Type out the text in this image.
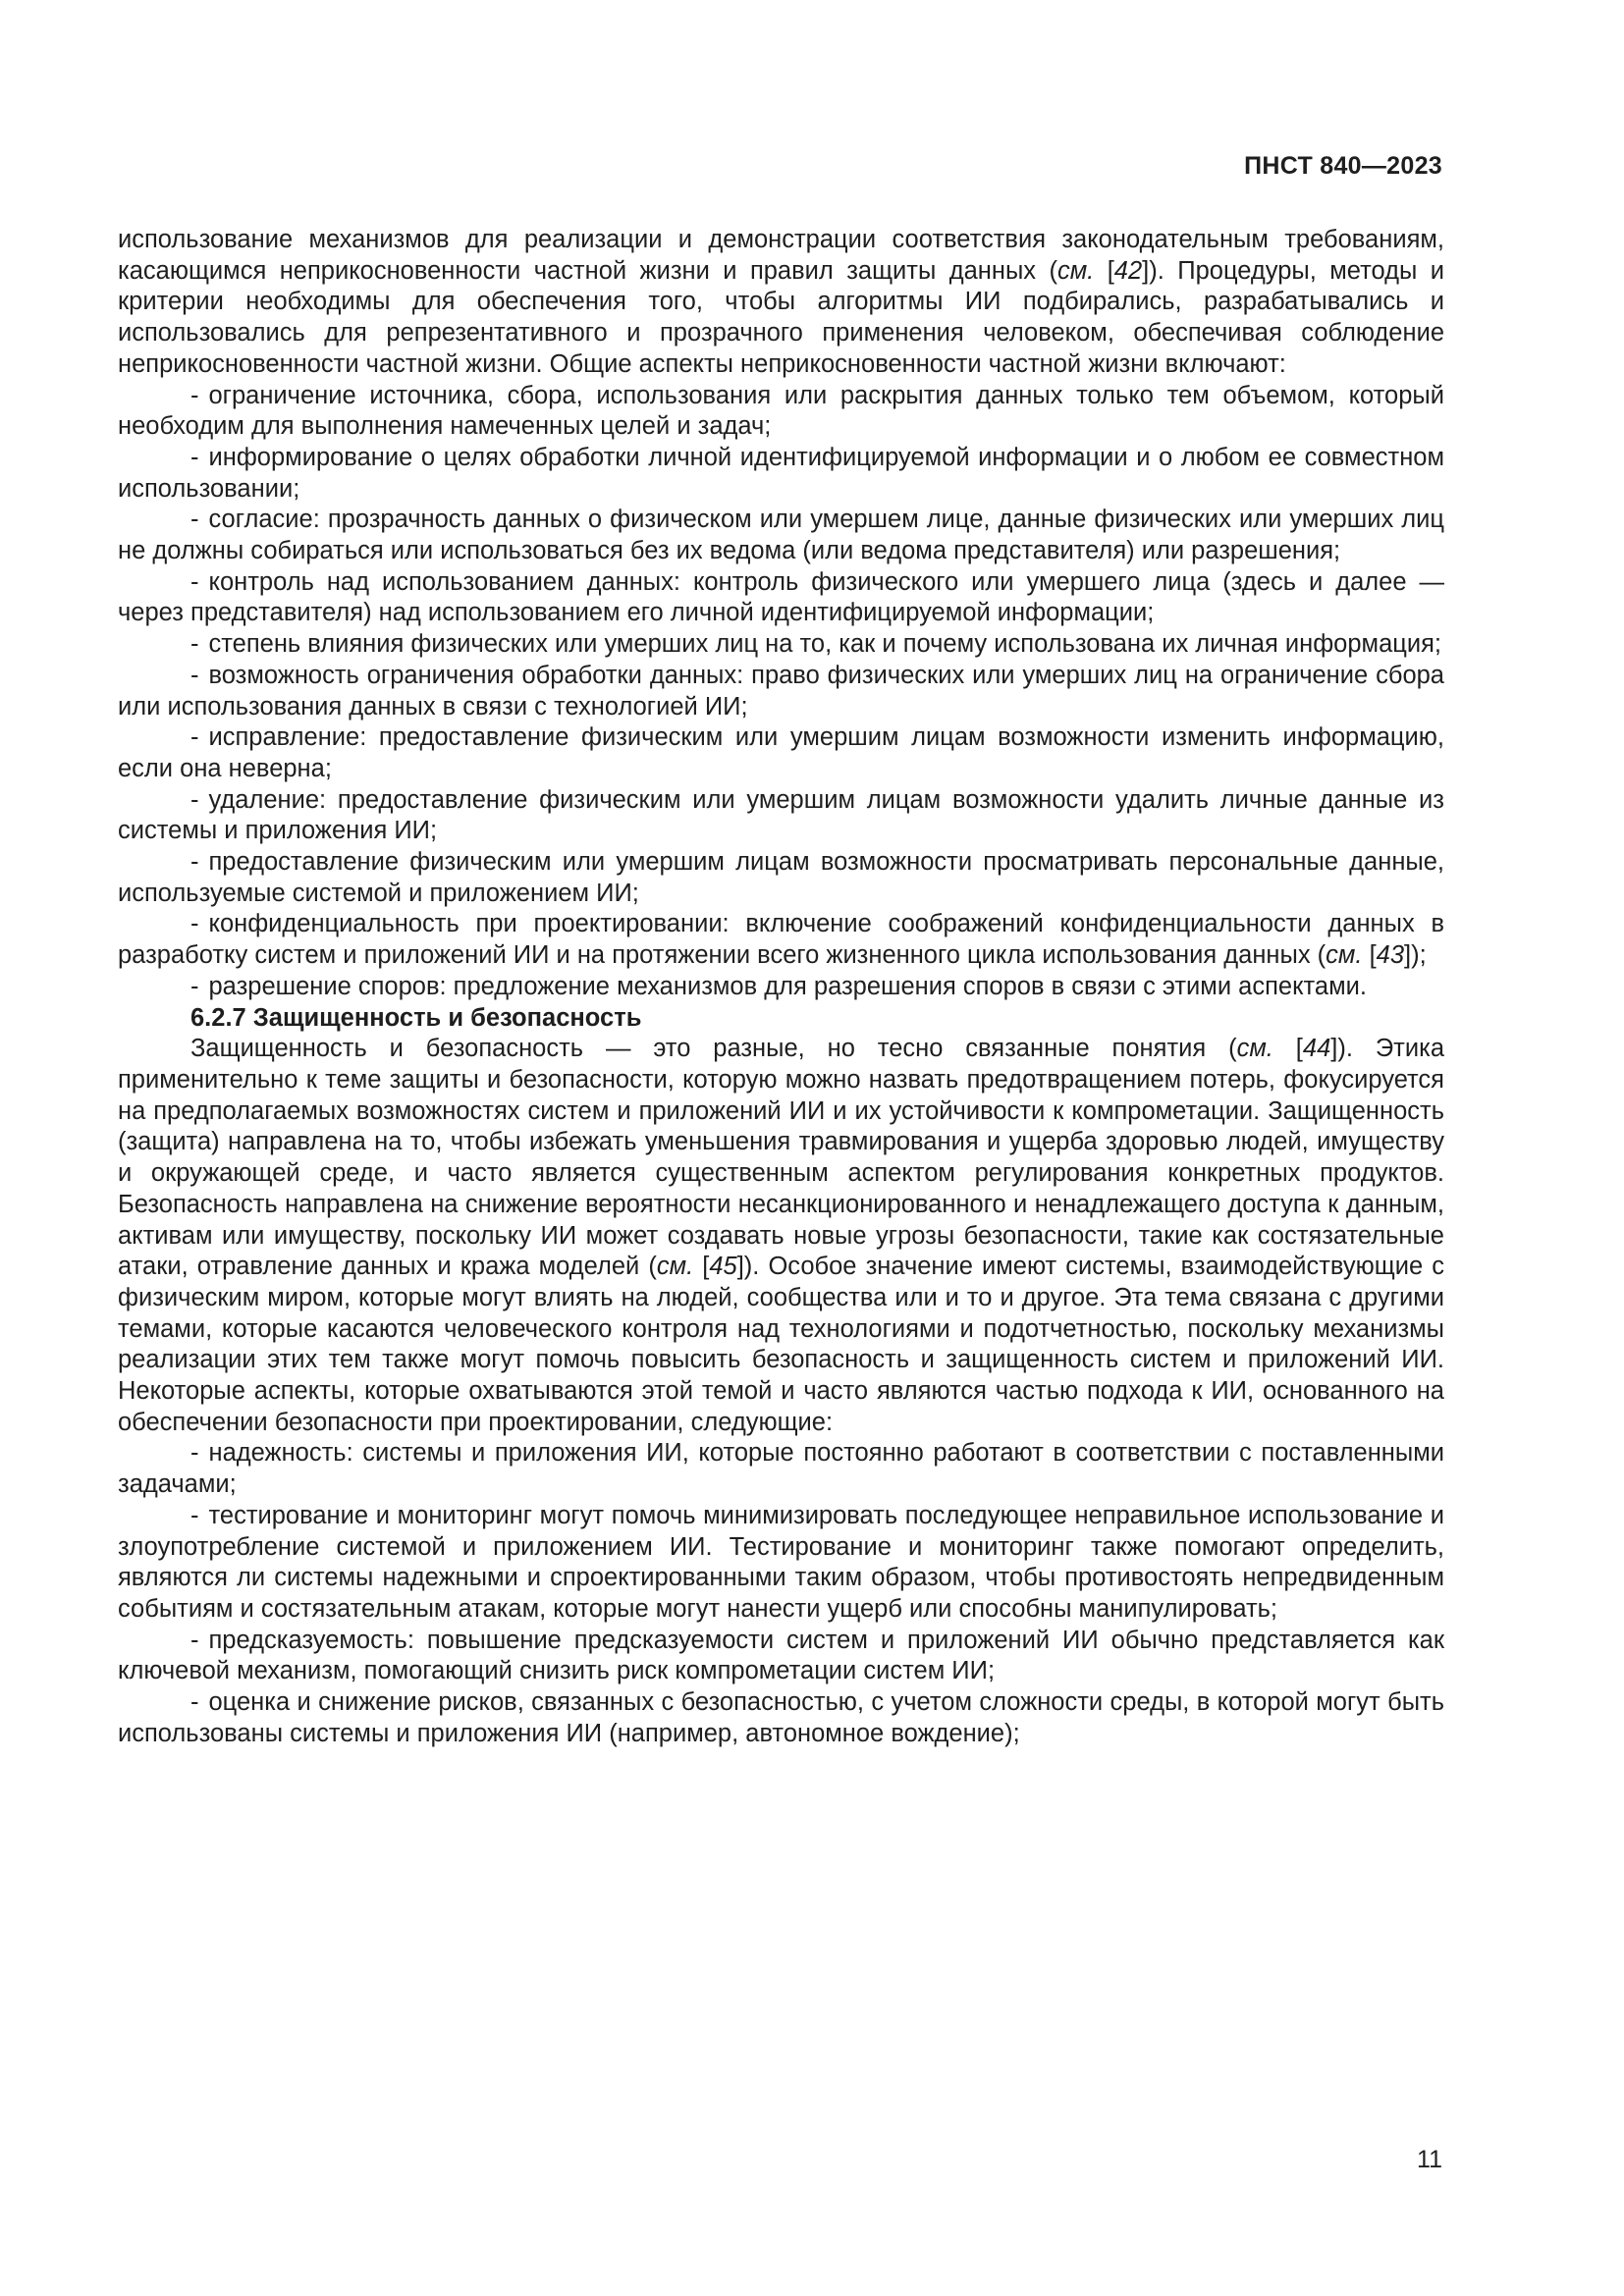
ПНСТ 840—2023

использование механизмов для реализации и демонстрации соответствия законодательным требованиям, касающимся неприкосновенности частной жизни и правил защиты данных (см. [42]). Процедуры, методы и критерии необходимы для обеспечения того, чтобы алгоритмы ИИ подбирались, разрабатывались и использовались для репрезентативного и прозрачного применения человеком, обеспечивая соблюдение неприкосновенности частной жизни. Общие аспекты неприкосновенности частной жизни включают:

- ограничение источника, сбора, использования или раскрытия данных только тем объемом, который необходим для выполнения намеченных целей и задач;

- информирование о целях обработки личной идентифицируемой информации и о любом ее совместном использовании;

- согласие: прозрачность данных о физическом или умершем лице, данные физических или умерших лиц не должны собираться или использоваться без их ведома (или ведома представителя) или разрешения;

- контроль над использованием данных: контроль физического или умершего лица (здесь и далее — через представителя) над использованием его личной идентифицируемой информации;

- степень влияния физических или умерших лиц на то, как и почему использована их личная информация;

- возможность ограничения обработки данных: право физических или умерших лиц на ограничение сбора или использования данных в связи с технологией ИИ;

- исправление: предоставление физическим или умершим лицам возможности изменить информацию, если она неверна;

- удаление: предоставление физическим или умершим лицам возможности удалить личные данные из системы и приложения ИИ;

- предоставление физическим или умершим лицам возможности просматривать персональные данные, используемые системой и приложением ИИ;

- конфиденциальность при проектировании: включение соображений конфиденциальности данных в разработку систем и приложений ИИ и на протяжении всего жизненного цикла использования данных (см. [43]);

- разрешение споров: предложение механизмов для разрешения споров в связи с этими аспектами.

6.2.7 Защищенность и безопасность

Защищенность и безопасность — это разные, но тесно связанные понятия (см. [44]). Этика применительно к теме защиты и безопасности, которую можно назвать предотвращением потерь, фокусируется на предполагаемых возможностях систем и приложений ИИ и их устойчивости к компрометации. Защищенность (защита) направлена на то, чтобы избежать уменьшения травмирования и ущерба здоровью людей, имуществу и окружающей среде, и часто является существенным аспектом регулирования конкретных продуктов. Безопасность направлена на снижение вероятности несанкционированного и ненадлежащего доступа к данным, активам или имуществу, поскольку ИИ может создавать новые угрозы безопасности, такие как состязательные атаки, отравление данных и кража моделей (см. [45]). Особое значение имеют системы, взаимодействующие с физическим миром, которые могут влиять на людей, сообщества или и то и другое. Эта тема связана с другими темами, которые касаются человеческого контроля над технологиями и подотчетностью, поскольку механизмы реализации этих тем также могут помочь повысить безопасность и защищенность систем и приложений ИИ. Некоторые аспекты, которые охватываются этой темой и часто являются частью подхода к ИИ, основанного на обеспечении безопасности при проектировании, следующие:

- надежность: системы и приложения ИИ, которые постоянно работают в соответствии с поставленными задачами;

- тестирование и мониторинг могут помочь минимизировать последующее неправильное использование и злоупотребление системой и приложением ИИ. Тестирование и мониторинг также помогают определить, являются ли системы надежными и спроектированными таким образом, чтобы противостоять непредвиденным событиям и состязательным атакам, которые могут нанести ущерб или способны манипулировать;

- предсказуемость: повышение предсказуемости систем и приложений ИИ обычно представляется как ключевой механизм, помогающий снизить риск компрометации систем ИИ;

- оценка и снижение рисков, связанных с безопасностью, с учетом сложности среды, в которой могут быть использованы системы и приложения ИИ (например, автономное вождение);

11
